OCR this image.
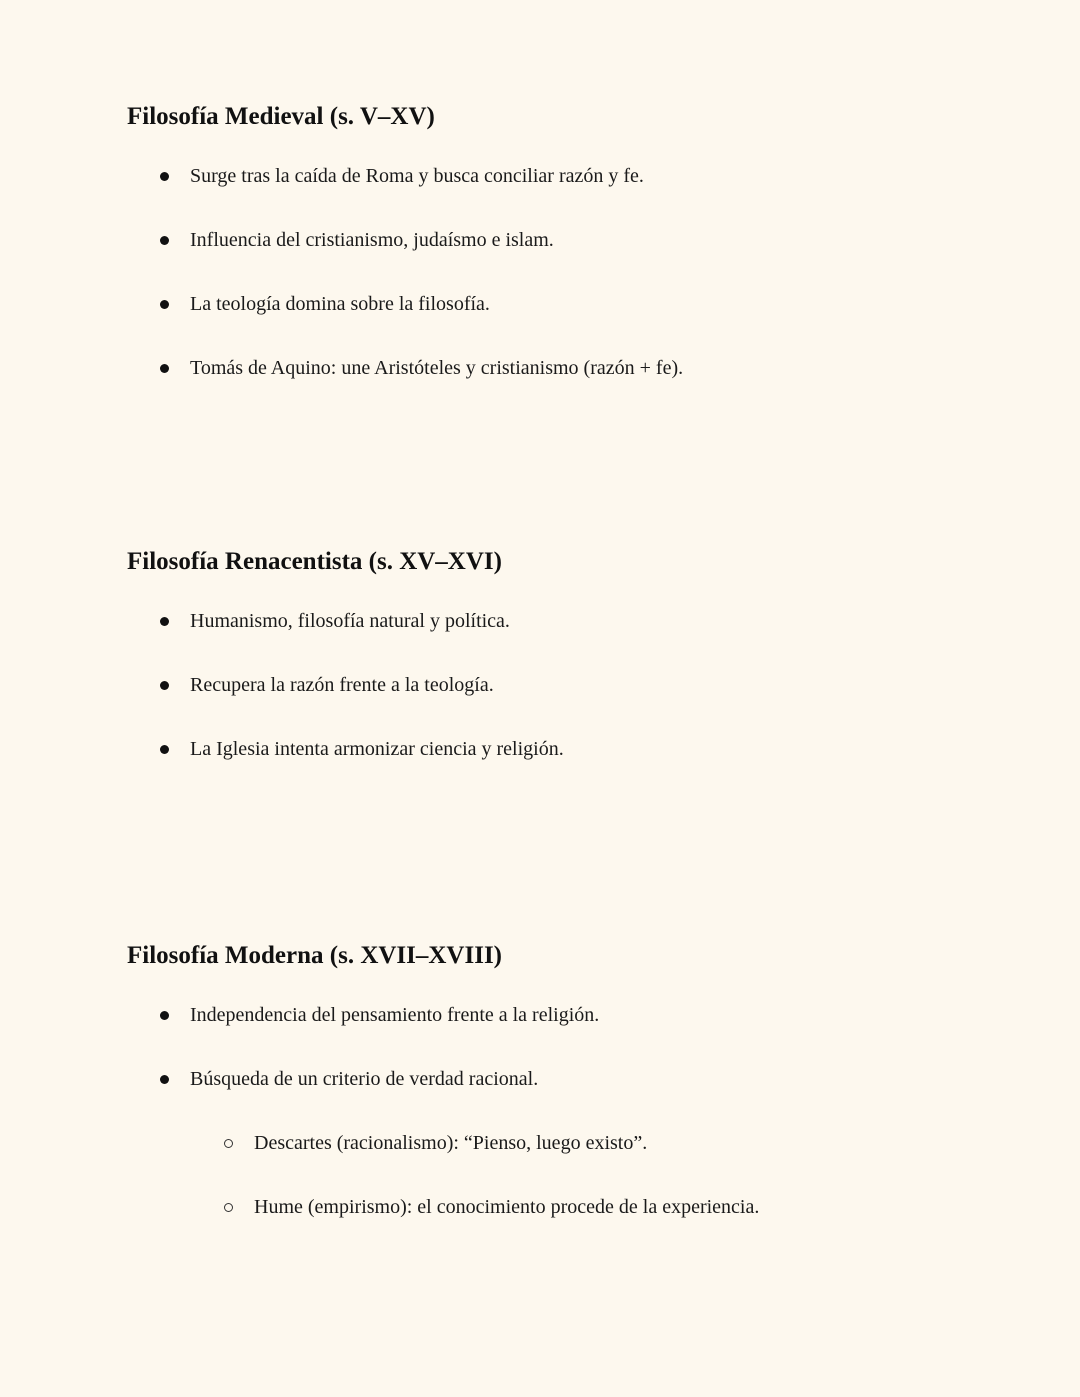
Filosofía Medieval (s. V–XV)
Surge tras la caída de Roma y busca conciliar razón y fe.
Influencia del cristianismo, judaísmo e islam.
La teología domina sobre la filosofía.
Tomás de Aquino: une Aristóteles y cristianismo (razón + fe).
Filosofía Renacentista (s. XV–XVI)
Humanismo, filosofía natural y política.
Recupera la razón frente a la teología.
La Iglesia intenta armonizar ciencia y religión.
Filosofía Moderna (s. XVII–XVIII)
Independencia del pensamiento frente a la religión.
Búsqueda de un criterio de verdad racional.
Descartes (racionalismo): “Pienso, luego existo”.
Hume (empirismo): el conocimiento procede de la experiencia.
